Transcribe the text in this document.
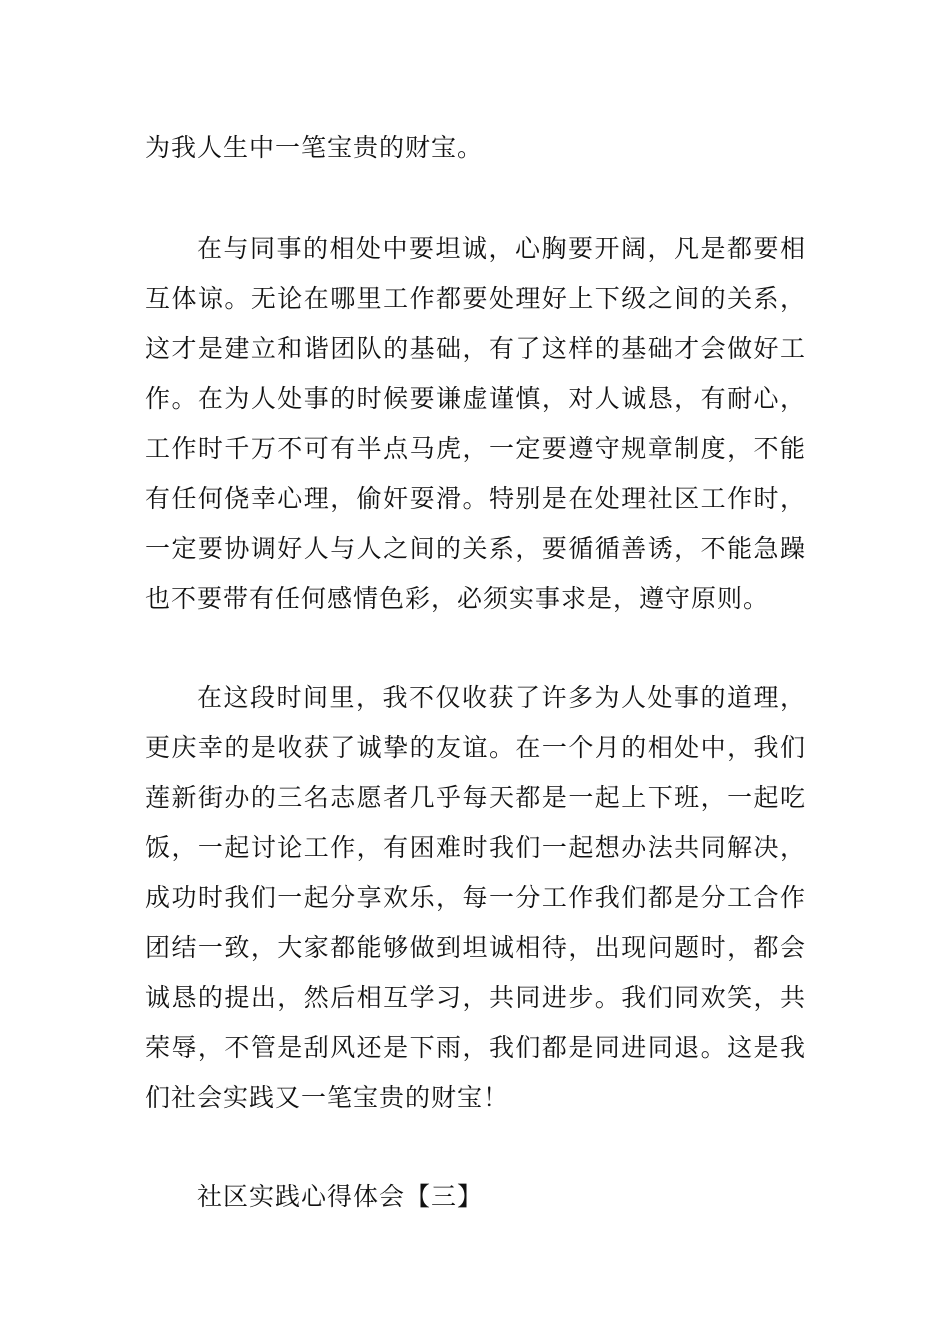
为我人生中一笔宝贵的财宝。
在与同事的相处中要坦诚，心胸要开阔，凡是都要相
互体谅。无论在哪里工作都要处理好上下级之间的关系，
这才是建立和谐团队的基础，有了这样的基础才会做好工
作。在为人处事的时候要谦虚谨慎，对人诚恳，有耐心，
工作时千万不可有半点马虎，一定要遵守规章制度，不能
有任何侥幸心理，偷奸耍滑。特别是在处理社区工作时，
一定要协调好人与人之间的关系，要循循善诱，不能急躁
也不要带有任何感情色彩，必须实事求是，遵守原则。
在这段时间里，我不仅收获了许多为人处事的道理，
更庆幸的是收获了诚挚的友谊。在一个月的相处中，我们
莲新街办的三名志愿者几乎每天都是一起上下班，一起吃
饭，一起讨论工作，有困难时我们一起想办法共同解决，
成功时我们一起分享欢乐，每一分工作我们都是分工合作
团结一致，大家都能够做到坦诚相待，出现问题时，都会
诚恳的提出，然后相互学习，共同进步。我们同欢笑，共
荣辱，不管是刮风还是下雨，我们都是同进同退。这是我
们社会实践又一笔宝贵的财宝！
社区实践心得体会【三】
